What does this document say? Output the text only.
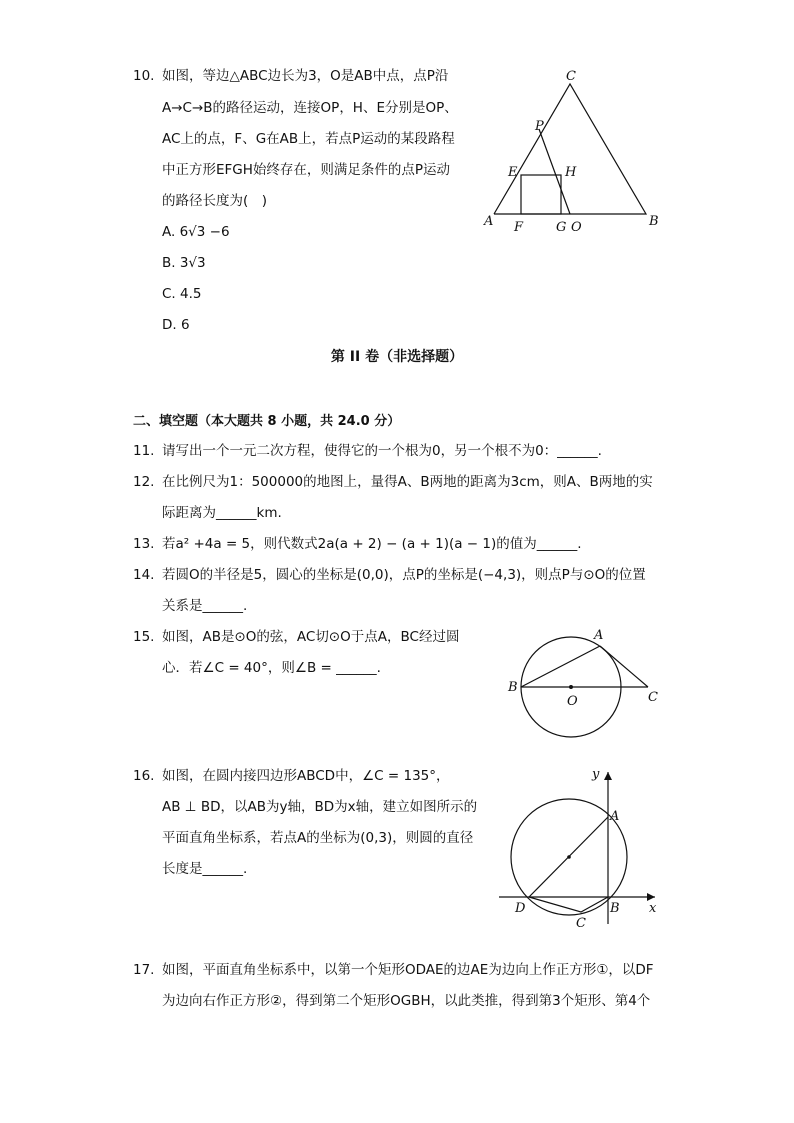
10. 如图，等边△ABC边长为3，O是AB中点，点P沿
A→C→B的路径运动，连接OP，H、E分别是OP、
AC上的点，F、G在AB上，若点P运动的某段路程
中正方形EFGH始终存在，则满足条件的点P运动
的路径长度为(　)
A. 6√3 −6
B. 3√3
C. 4.5
D. 6
C
P
E	H
A F	G O	B
第 II 卷（非选择题）
二、填空题（本大题共 8 小题，共 24.0 分）
11. 请写出一个一元二次方程，使得它的一个根为0，另一个根不为0：______.
12. 在比例尺为1：500000的地图上，量得A、B两地的距离为3cm，则A、B两地的实
际距离为______km.
13. 若a² +4a = 5，则代数式2a(a + 2) − (a + 1)(a − 1)的值为______.
14. 若圆O的半径是5，圆心的坐标是(0,0)，点P的坐标是(−4,3)，则点P与⊙O的位置
关系是______.
15. 如图，AB是⊙O的弦，AC切⊙O于点A，BC经过圆
心．若∠C = 40°，则∠B = ______.
A
B
O	C
16. 如图，在圆内接四边形ABCD中，∠C = 135°，
AB ⊥ BD，以AB为y轴，BD为x轴，建立如图所示的
平面直角坐标系，若点A的坐标为(0,3)，则圆的直径
长度是______.
y
A
D	B x
C
17. 如图，平面直角坐标系中，以第一个矩形ODAE的边AE为边向上作正方形①，以DF
为边向右作正方形②，得到第二个矩形OGBH，以此类推，得到第3个矩形、第4个
